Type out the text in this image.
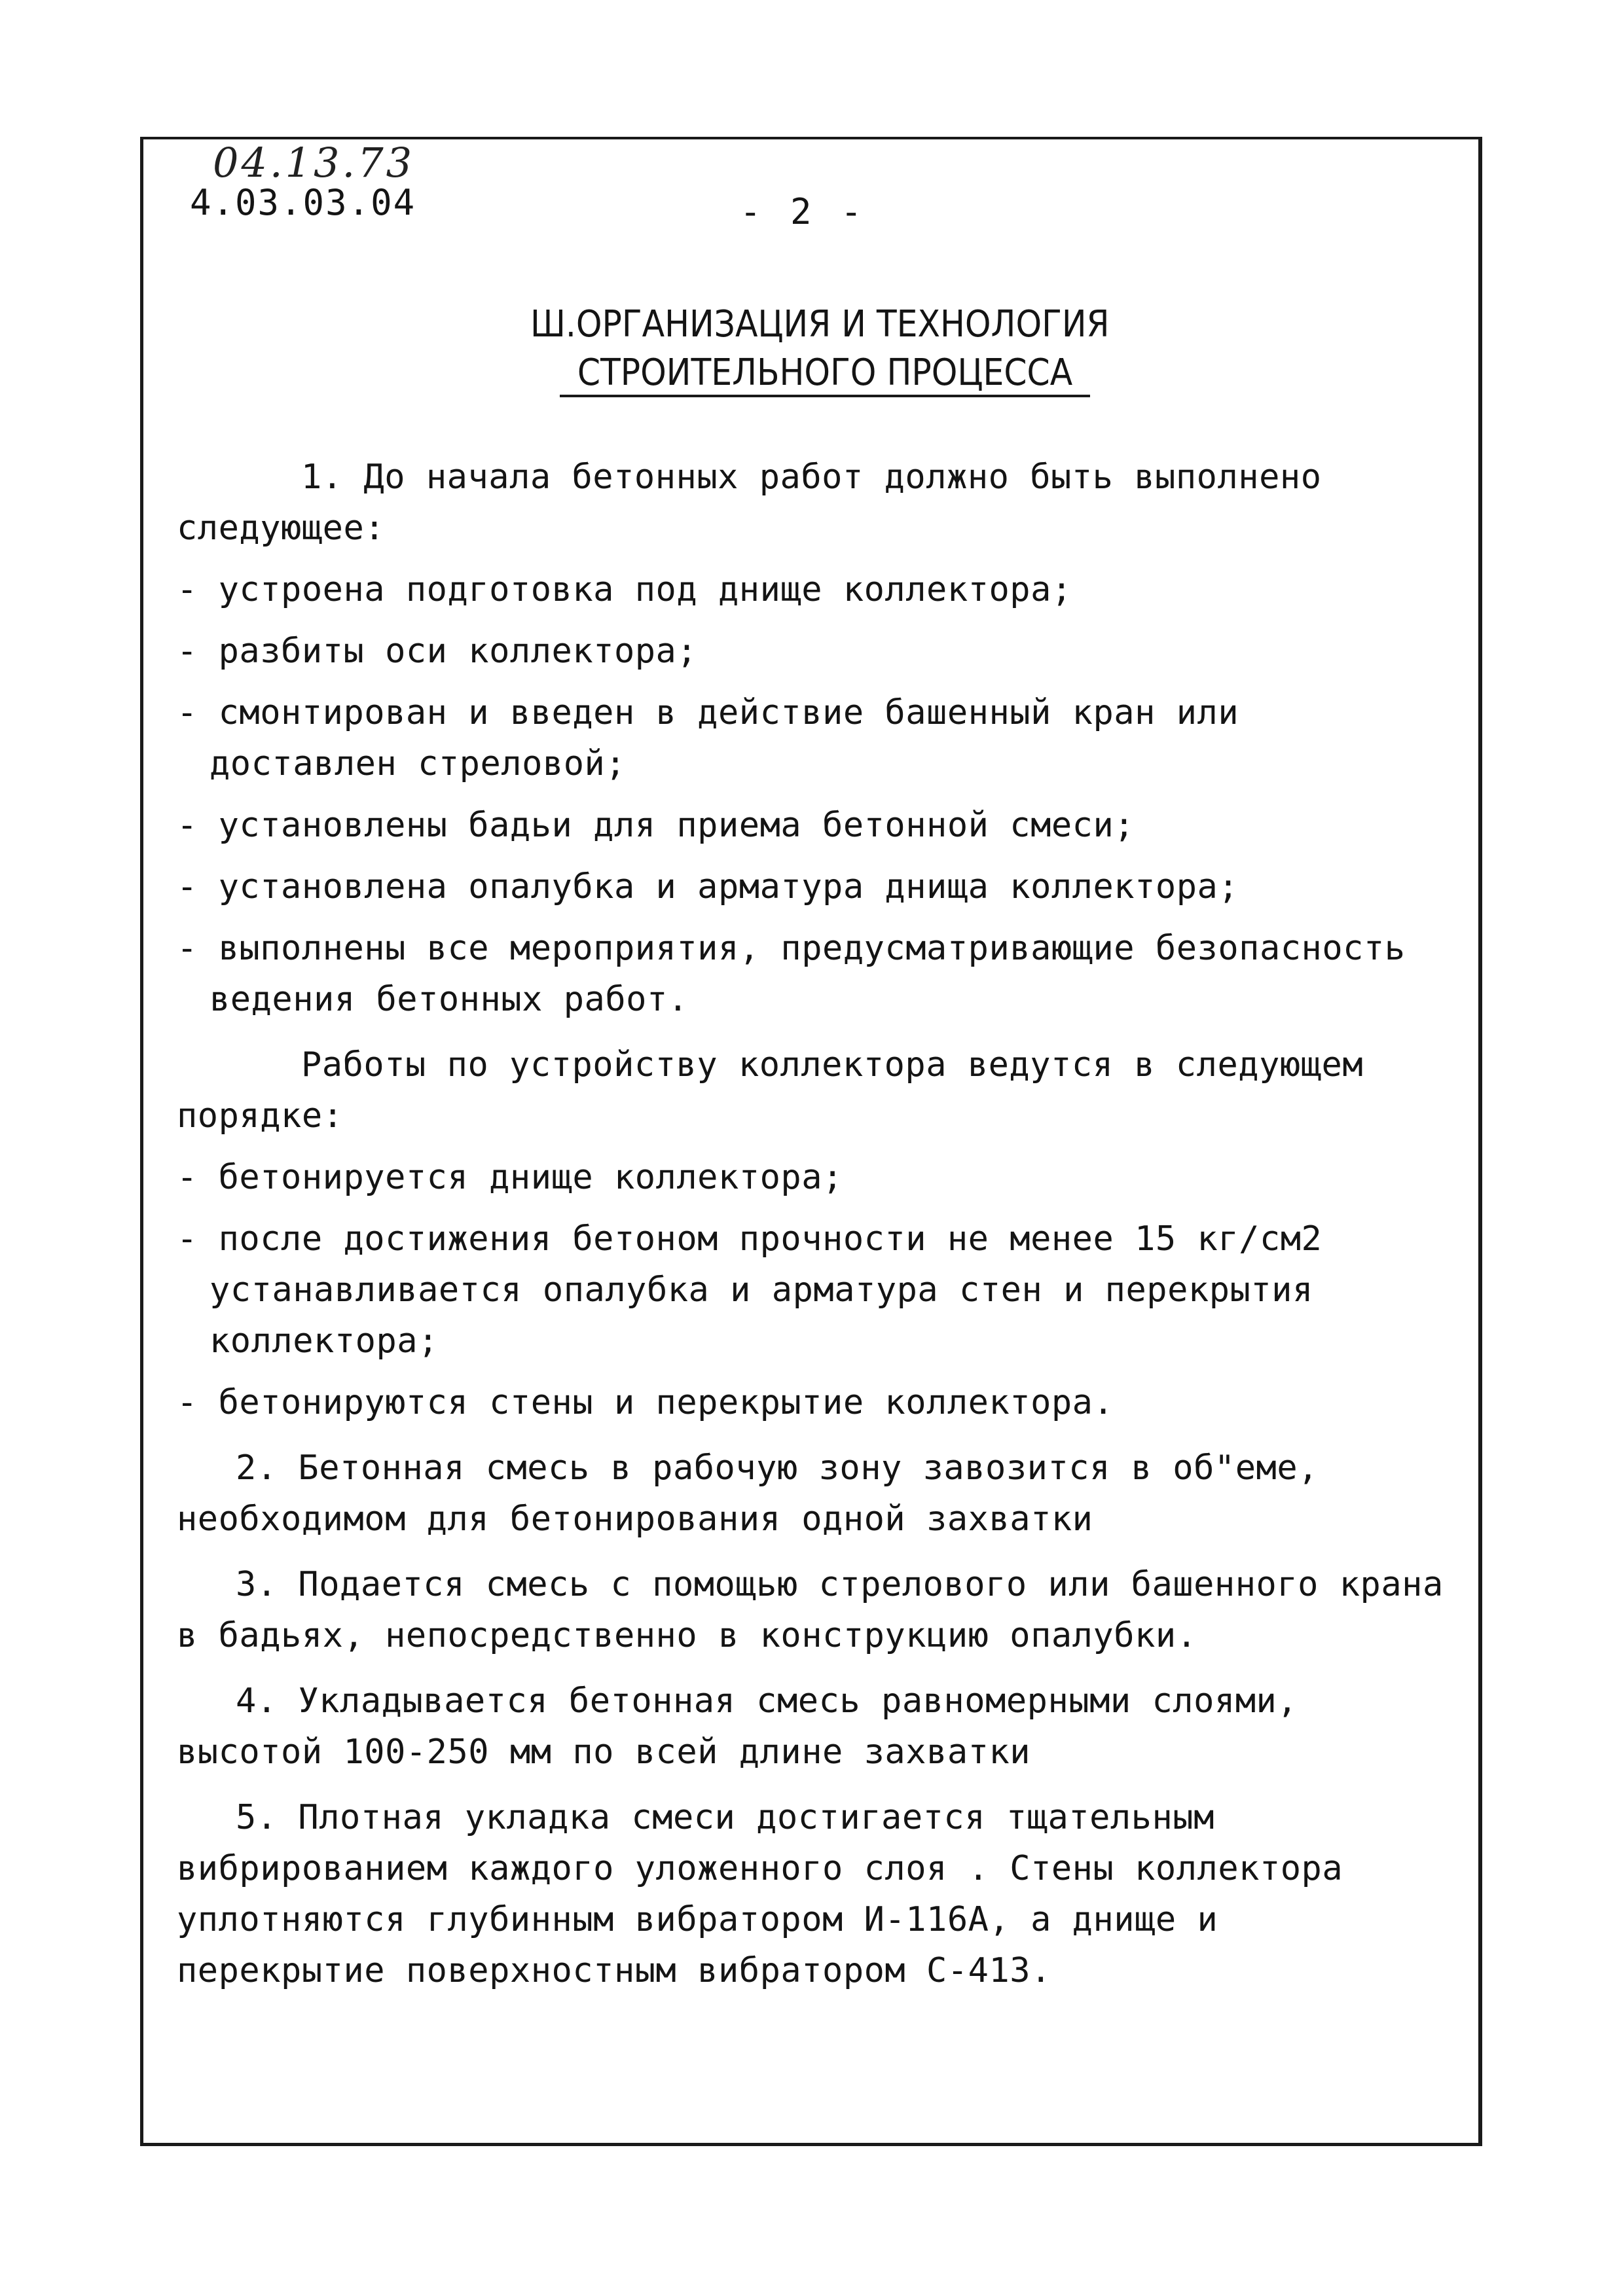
04.13.73
4.03.03.04	- 2 -
Ш.ОРГАНИЗАЦИЯ И ТЕХНОЛОГИЯ
СТРОИТЕЛЬНОГО ПРОЦЕССА

1. До начала бетонных работ должно быть выполнено следующее:

- устроена подготовка под днище коллектора;

- разбиты оси коллектора;

- смонтирован и введен в действие башенный кран или доставлен стреловой;

- установлены бадьи для приема бетонной смеси;

- установлена опалубка и арматура днища коллектора;

- выполнены все мероприятия, предусматривающие безопасность ведения бетонных работ.

Работы по устройству коллектора ведутся в следующем порядке:

- бетонируется днище коллектора;

- после достижения бетоном прочности не менее 15 кг/см2 устанавливается опалубка и арматура стен и перекрытия коллектора;

- бетонируются стены и перекрытие коллектора.

2. Бетонная смесь в рабочую зону завозится в об"еме, необходимом для бетонирования одной захватки

3. Подается смесь с помощью стрелового или башенного крана в бадьях, непосредственно в конструкцию опалубки.

4. Укладывается бетонная смесь равномерными слоями, высотой 100-250 мм по всей длине захватки

5. Плотная укладка смеси достигается тщательным вибрированием каждого уложенного слоя . Стены коллектора уплотняются глубинным вибратором И-116А, а днище и перекрытие поверхностным вибратором С-413.
